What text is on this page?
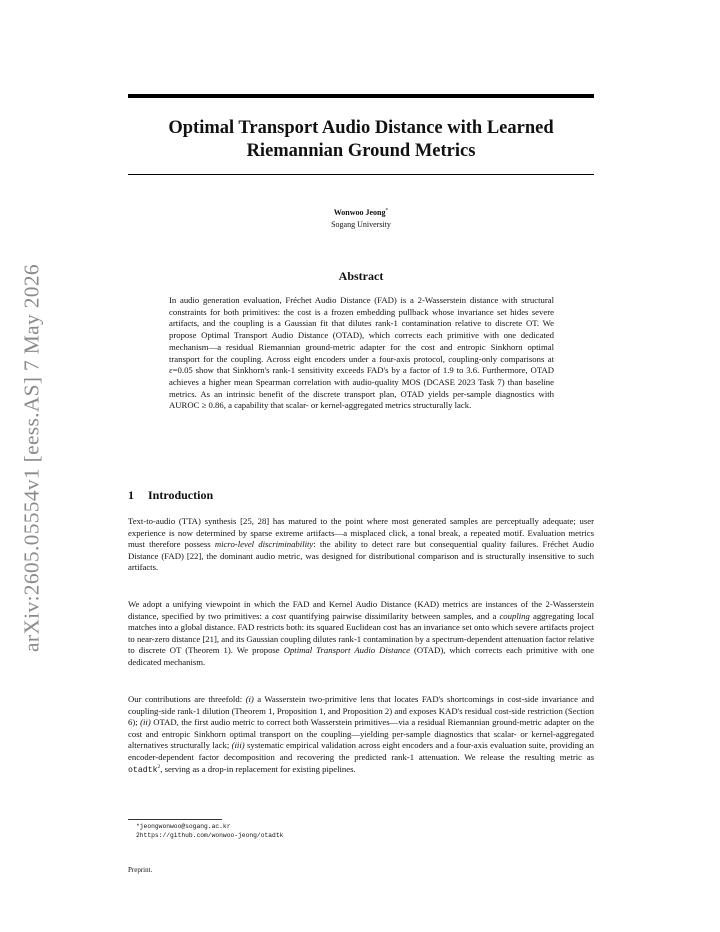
arXiv:2605.05554v1 [eess.AS] 7 May 2026
Optimal Transport Audio Distance with Learned
Riemannian Ground Metrics
Wonwoo Jeong*
Sogang University
Abstract

In audio generation evaluation, Fréchet Audio Distance (FAD) is a 2-Wasserstein distance with structural constraints for both primitives: the cost is a frozen embedding pullback whose invariance set hides severe artifacts, and the coupling is a Gaussian fit that dilutes rank-1 contamination relative to discrete OT. We propose Optimal Transport Audio Distance (OTAD), which corrects each primitive with one dedicated mechanism—a residual Riemannian ground-metric adapter for the cost and entropic Sinkhorn optimal transport for the coupling. Across eight encoders under a four-axis protocol, coupling-only comparisons at ε=0.05 show that Sinkhorn's rank-1 sensitivity exceeds FAD's by a factor of 1.9 to 3.6. Furthermore, OTAD achieves a higher mean Spearman correlation with audio-quality MOS (DCASE 2023 Task 7) than baseline metrics. As an intrinsic benefit of the discrete transport plan, OTAD yields per-sample diagnostics with AUROC ≥ 0.86, a capability that scalar- or kernel-aggregated metrics structurally lack.

1 Introduction

Text-to-audio (TTA) synthesis [25, 28] has matured to the point where most generated samples are perceptually adequate; user experience is now determined by sparse extreme artifacts—a misplaced click, a tonal break, a repeated motif. Evaluation metrics must therefore possess micro-level discriminability: the ability to detect rare but consequential quality failures. Fréchet Audio Distance (FAD) [22], the dominant audio metric, was designed for distributional comparison and is structurally insensitive to such artifacts.

We adopt a unifying viewpoint in which the FAD and Kernel Audio Distance (KAD) metrics are instances of the 2-Wasserstein distance, specified by two primitives: a cost quantifying pairwise dissimilarity between samples, and a coupling aggregating local matches into a global distance. FAD restricts both: its squared Euclidean cost has an invariance set onto which severe artifacts project to near-zero distance [21], and its Gaussian coupling dilutes rank-1 contamination by a spectrum-dependent attenuation factor relative to discrete OT (Theorem 1). We propose Optimal Transport Audio Distance (OTAD), which corrects each primitive with one dedicated mechanism.

Our contributions are threefold: (i) a Wasserstein two-primitive lens that locates FAD's shortcomings in cost-side invariance and coupling-side rank-1 dilution (Theorem 1, Proposition 1, and Proposition 2) and exposes KAD's residual cost-side restriction (Section 6); (ii) OTAD, the first audio metric to correct both Wasserstein primitives—via a residual Riemannian ground-metric adapter on the cost and entropic Sinkhorn optimal transport on the coupling—yielding per-sample diagnostics that scalar- or kernel-aggregated alternatives structurally lack; (iii) systematic empirical validation across eight encoders and a four-axis evaluation suite, providing an encoder-dependent factor decomposition and recovering the predicted rank-1 attenuation. We release the resulting metric as otadtk$^2$, serving as a drop-in replacement for existing pipelines.

*jeongwonwoo@sogang.ac.kr
2https://github.com/wonwoo-jeong/otadtk
Preprint.
